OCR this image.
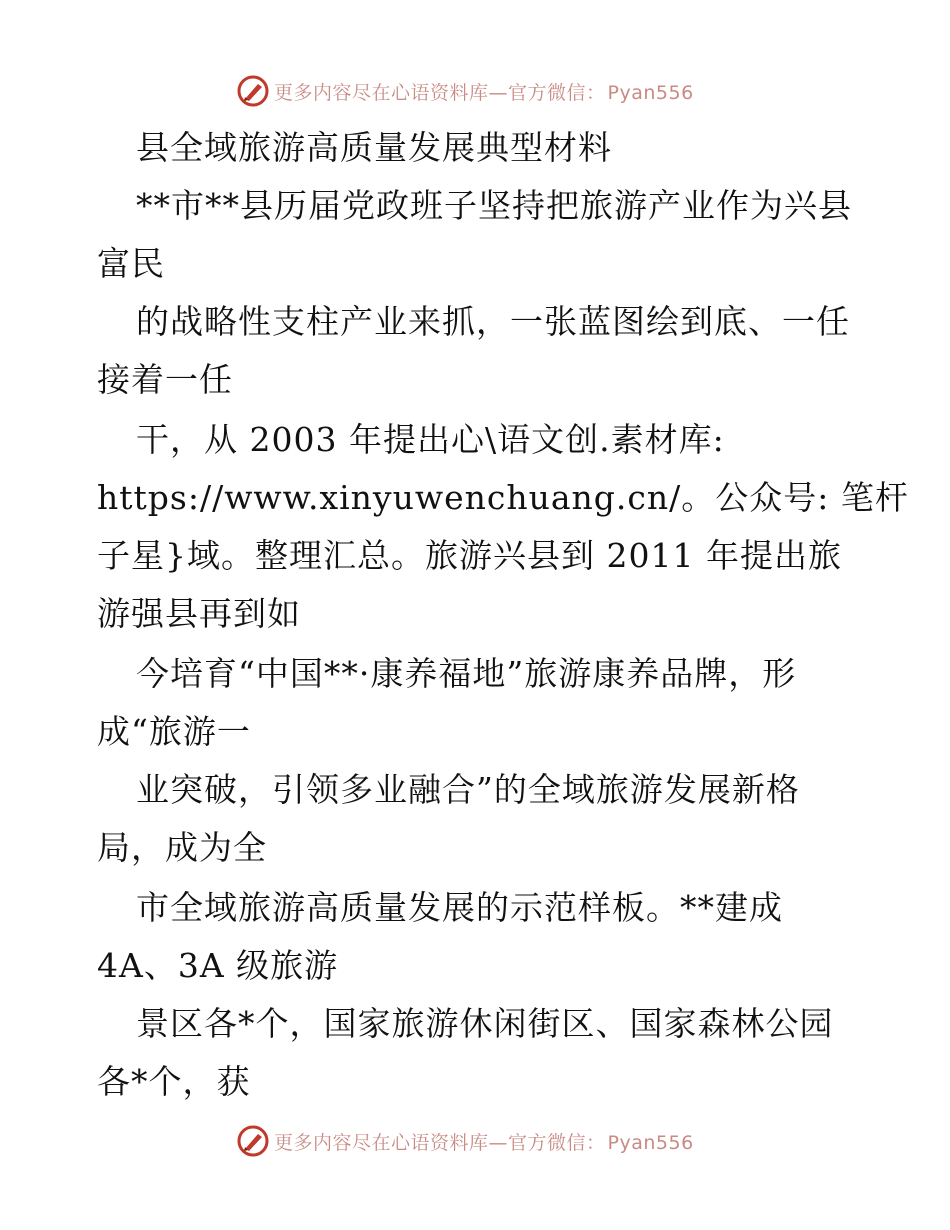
更多内容尽在心语资料库—官方微信： Pyan556
县全域旅游高质量发展典型材料
**市**县历届党政班子坚持把旅游产业作为兴县
富民
的战略性支柱产业来抓，一张蓝图绘到底、一任
接着一任
干，从 2003 年提出心\语文创.素材库:
https://www.xinyuwenchuang.cn/。公众号: 笔杆
子星}域。整理汇总。旅游兴县到 2011 年提出旅
游强县再到如
今培育“中国**·康养福地”旅游康养品牌，形
成“旅游一
业突破，引领多业融合”的全域旅游发展新格
局，成为全
市全域旅游高质量发展的示范样板。**建成
4A、3A 级旅游
景区各*个，国家旅游休闲街区、国家森林公园
各*个，获
更多内容尽在心语资料库—官方微信： Pyan556
